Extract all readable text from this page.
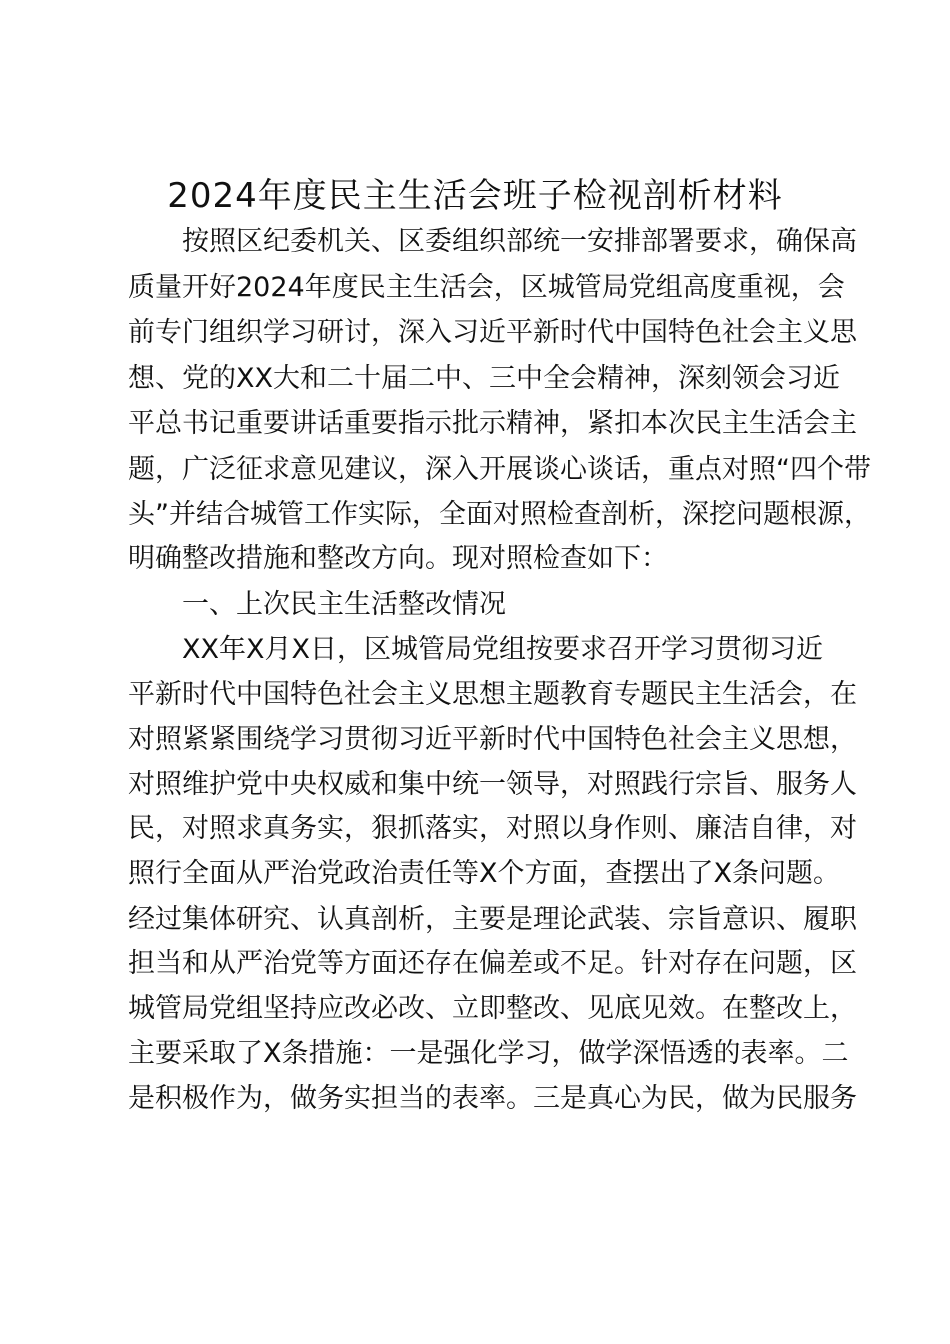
2024年度民主生活会班子检视剖析材料
按照区纪委机关、区委组织部统一安排部署要求，确保高
质量开好2024年度民主生活会，区城管局党组高度重视，会
前专门组织学习研讨，深入习近平新时代中国特色社会主义思
想、党的XX大和二十届二中、三中全会精神，深刻领会习近
平总书记重要讲话重要指示批示精神，紧扣本次民主生活会主
题，广泛征求意见建议，深入开展谈心谈话，重点对照“四个带
头”并结合城管工作实际，全面对照检查剖析，深挖问题根源，
明确整改措施和整改方向。现对照检查如下：
一、上次民主生活整改情况
XX年X月X日，区城管局党组按要求召开学习贯彻习近
平新时代中国特色社会主义思想主题教育专题民主生活会，在
对照紧紧围绕学习贯彻习近平新时代中国特色社会主义思想，
对照维护党中央权威和集中统一领导，对照践行宗旨、服务人
民，对照求真务实，狠抓落实，对照以身作则、廉洁自律，对
照行全面从严治党政治责任等X个方面，查摆出了X条问题。
经过集体研究、认真剖析，主要是理论武装、宗旨意识、履职
担当和从严治党等方面还存在偏差或不足。针对存在问题，区
城管局党组坚持应改必改、立即整改、见底见效。在整改上，
主要采取了X条措施：一是强化学习，做学深悟透的表率。二
是积极作为，做务实担当的表率。三是真心为民，做为民服务
